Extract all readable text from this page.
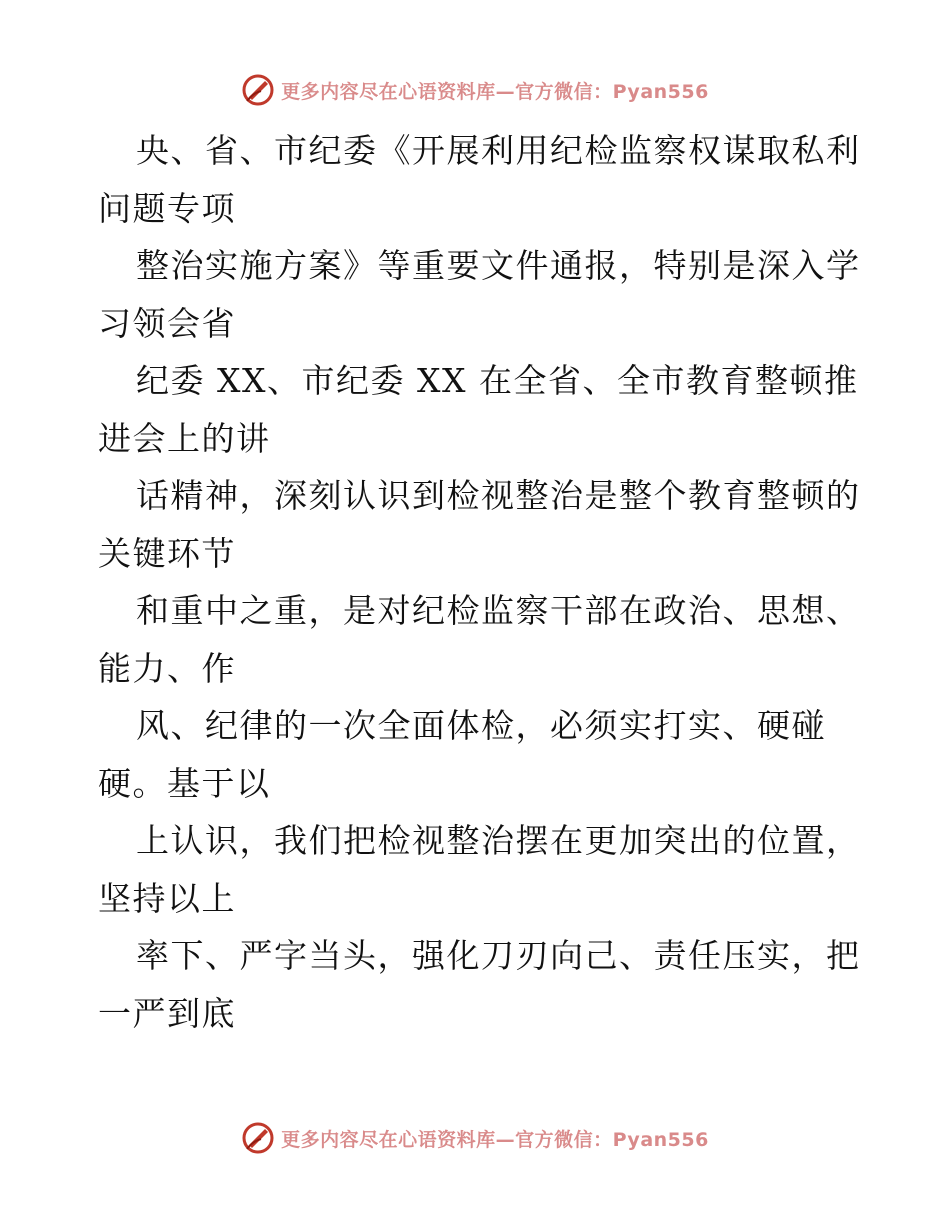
更多内容尽在心语资料库—官方微信：Pyan556
央、省、市纪委《开展利用纪检监察权谋取私利
问题专项
整治实施方案》等重要文件通报，特别是深入学
习领会省
纪委 XX、市纪委 XX 在全省、全市教育整顿推
进会上的讲
话精神，深刻认识到检视整治是整个教育整顿的
关键环节
和重中之重，是对纪检监察干部在政治、思想、
能力、作
风、纪律的一次全面体检，必须实打实、硬碰
硬。基于以
上认识，我们把检视整治摆在更加突出的位置，
坚持以上
率下、严字当头，强化刀刃向己、责任压实，把
一严到底
更多内容尽在心语资料库—官方微信：Pyan556
